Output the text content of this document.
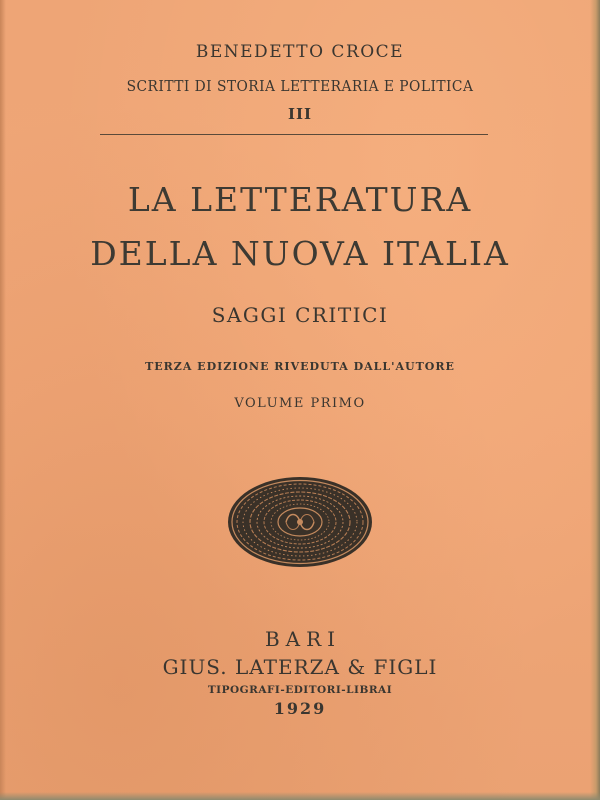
BENEDETTO CROCE
SCRITTI DI STORIA LETTERARIA E POLITICA
III
LA LETTERATURA
DELLA NUOVA ITALIA
SAGGI CRITICI
TERZA EDIZIONE RIVEDUTA DALL'AUTORE
VOLUME PRIMO
BARI
GIUS. LATERZA & FIGLI
TIPOGRAFI-EDITORI-LIBRAI
1929
